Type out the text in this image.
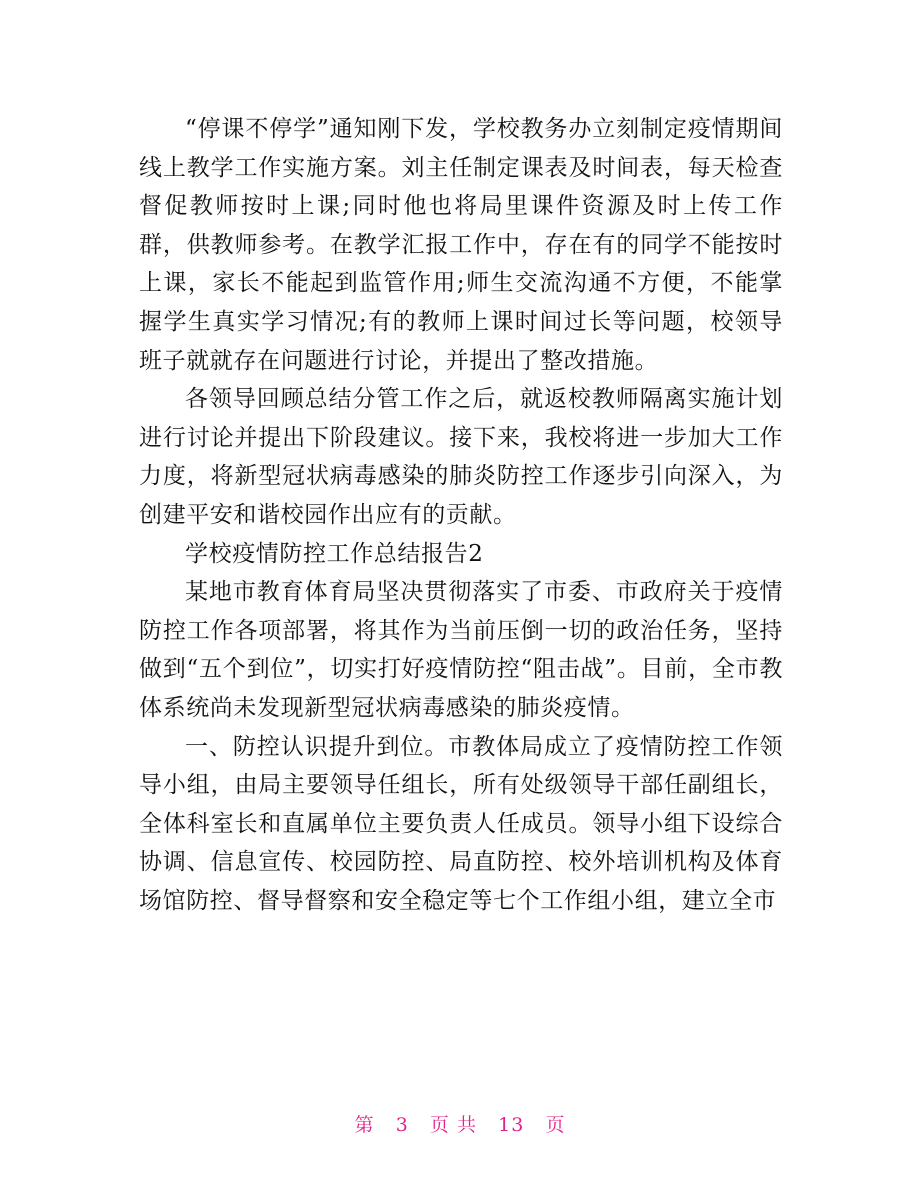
“停课不停学”通知刚下发，学校教务办立刻制定疫情期间线上教学工作实施方案。刘主任制定课表及时间表，每天检查督促教师按时上课;同时他也将局里课件资源及时上传工作群，供教师参考。在教学汇报工作中，存在有的同学不能按时上课，家长不能起到监管作用;师生交流沟通不方便，不能掌握学生真实学习情况;有的教师上课时间过长等问题，校领导班子就就存在问题进行讨论，并提出了整改措施。

各领导回顾总结分管工作之后，就返校教师隔离实施计划进行讨论并提出下阶段建议。接下来，我校将进一步加大工作力度，将新型冠状病毒感染的肺炎防控工作逐步引向深入，为创建平安和谐校园作出应有的贡献。

学校疫情防控工作总结报告2

某地市教育体育局坚决贯彻落实了市委、市政府关于疫情防控工作各项部署，将其作为当前压倒一切的政治任务，坚持做到“五个到位”，切实打好疫情防控“阻击战”。目前，全市教体系统尚未发现新型冠状病毒感染的肺炎疫情。

一、防控认识提升到位。市教体局成立了疫情防控工作领导小组，由局主要领导任组长，所有处级领导干部任副组长，全体科室长和直属单位主要负责人任成员。领导小组下设综合协调、信息宣传、校园防控、局直防控、校外培训机构及体育场馆防控、督导督察和安全稳定等七个工作组小组，建立全市

第 3 页 共 13 页
